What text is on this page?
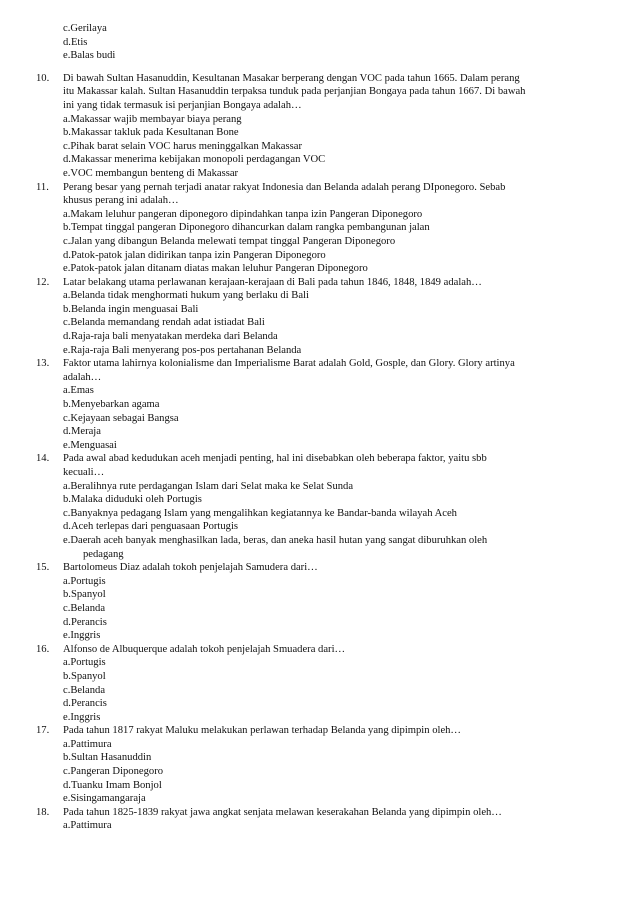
c.Gerilaya
d.Etis
e.Balas budi
10. Di bawah Sultan Hasanuddin, Kesultanan Masakar berperang dengan VOC pada tahun 1665. Dalam perang
itu Makassar kalah. Sultan Hasanuddin terpaksa tunduk pada perjanjian Bongaya pada tahun 1667. Di bawah
ini yang tidak termasuk isi perjanjian Bongaya adalah…
a.Makassar wajib membayar biaya perang
b.Makassar takluk pada Kesultanan Bone
c.Pihak barat selain VOC harus meninggalkan Makassar
d.Makassar menerima kebijakan monopoli perdagangan VOC
e.VOC membangun benteng di Makassar
11. Perang besar yang pernah terjadi anatar rakyat Indonesia dan Belanda adalah perang DIponegoro. Sebab
khusus perang ini adalah…
a.Makam leluhur pangeran diponegoro dipindahkan tanpa izin Pangeran Diponegoro
b.Tempat tinggal pangeran Diponegoro dihancurkan dalam rangka pembangunan jalan
c.Jalan yang dibangun Belanda melewati tempat tinggal Pangeran Diponegoro
d.Patok-patok jalan didirikan tanpa izin Pangeran Diponegoro
e.Patok-patok jalan ditanam diatas makan leluhur Pangeran Diponegoro
12. Latar belakang utama perlawanan kerajaan-kerajaan di Bali pada tahun 1846, 1848, 1849 adalah…
a.Belanda tidak menghormati hukum yang berlaku di Bali
b.Belanda ingin menguasai Bali
c.Belanda memandang rendah adat istiadat Bali
d.Raja-raja bali menyatakan merdeka dari Belanda
e.Raja-raja Bali menyerang pos-pos pertahanan Belanda
13. Faktor utama lahirnya kolonialisme dan Imperialisme Barat adalah Gold, Gosple, dan Glory. Glory artinya
adalah…
a.Emas
b.Menyebarkan agama
c.Kejayaan sebagai Bangsa
d.Meraja
e.Menguasai
14. Pada awal abad kedudukan aceh menjadi penting, hal ini disebabkan oleh beberapa faktor, yaitu sbb
kecuali…
a.Beralihnya rute perdagangan Islam dari Selat maka ke Selat Sunda
b.Malaka diduduki oleh Portugis
c.Banyaknya pedagang Islam yang mengalihkan kegiatannya ke Bandar-banda wilayah Aceh
d.Aceh terlepas dari penguasaan Portugis
e.Daerah aceh banyak menghasilkan lada, beras, dan aneka hasil hutan yang sangat diburuhkan oleh
pedagang
15. Bartolomeus Diaz adalah tokoh penjelajah Samudera dari…
a.Portugis
b.Spanyol
c.Belanda
d.Perancis
e.Inggris
16. Alfonso de Albuquerque adalah tokoh penjelajah Smuadera dari…
a.Portugis
b.Spanyol
c.Belanda
d.Perancis
e.Inggris
17. Pada tahun 1817 rakyat Maluku melakukan perlawan terhadap Belanda yang dipimpin oleh…
a.Pattimura
b.Sultan Hasanuddin
c.Pangeran Diponegoro
d.Tuanku Imam Bonjol
e.Sisingamangaraja
18. Pada tahun 1825-1839 rakyat jawa angkat senjata melawan keserakahan Belanda yang dipimpin oleh…
a.Pattimura
